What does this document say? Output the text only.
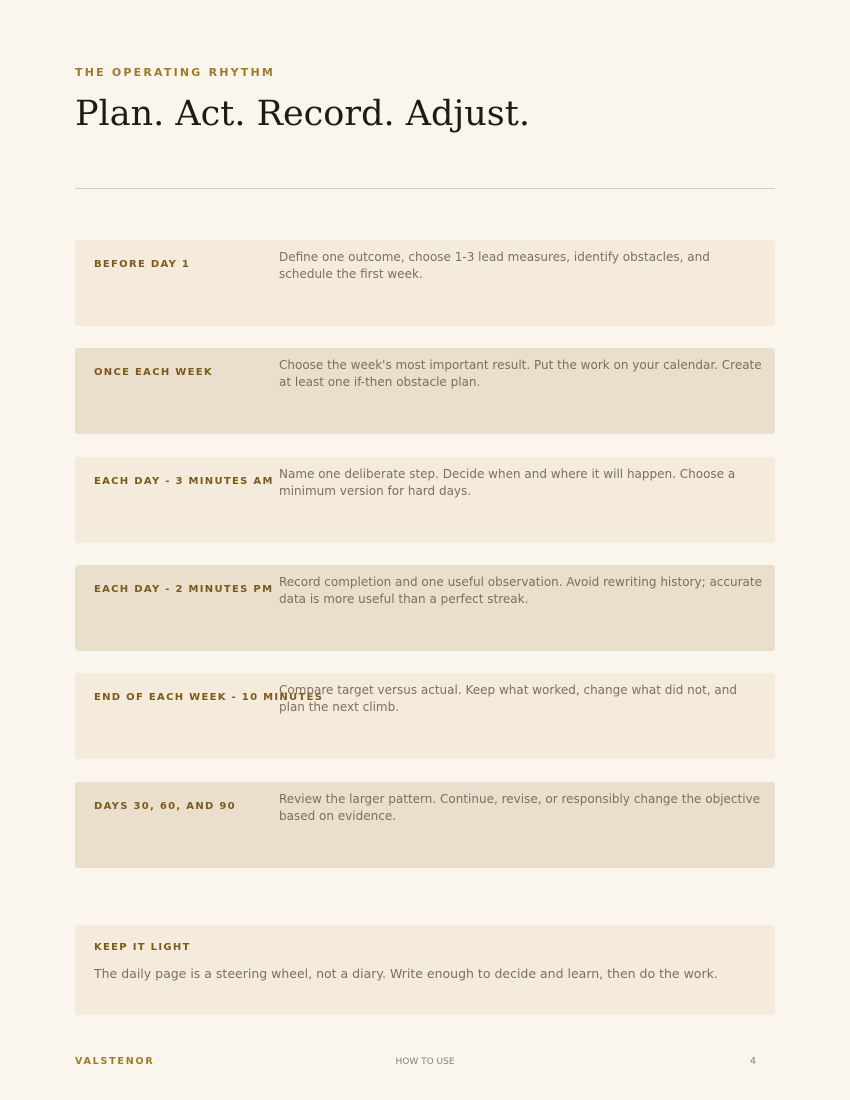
THE OPERATING RHYTHM

Plan. Act. Record. Adjust.
BEFORE DAY 1
Define one outcome, choose 1-3 lead measures, identify obstacles, and schedule the first week.
ONCE EACH WEEK
Choose the week's most important result. Put the work on your calendar. Create at least one if-then obstacle plan.
EACH DAY - 3 MINUTES AM
Name one deliberate step. Decide when and where it will happen. Choose a minimum version for hard days.
EACH DAY - 2 MINUTES PM
Record completion and one useful observation. Avoid rewriting history; accurate data is more useful than a perfect streak.
END OF EACH WEEK - 10 MINUTES
Compare target versus actual. Keep what worked, change what did not, and plan the next climb.
DAYS 30, 60, AND 90
Review the larger pattern. Continue, revise, or responsibly change the objective based on evidence.
KEEP IT LIGHT
The daily page is a steering wheel, not a diary. Write enough to decide and learn, then do the work.
VALSTENOR	HOW TO USE	4
